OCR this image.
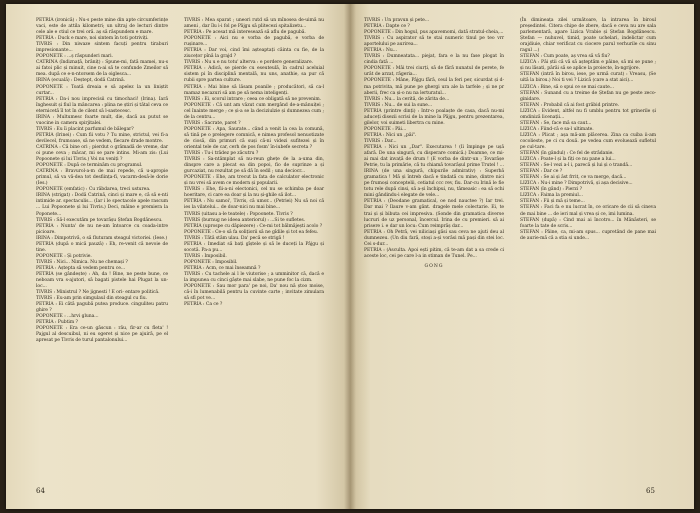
PETRIA (ironică) : Nu-s peste mine din apte circumferințe vaci, este de attila kilometri; un ultraj de lecturi dintre cele ale e ctiul ce trei oră. aș să răspundem e mare.

PETRIA : Duck e mare, noi sintem în toti potriviți.

TIVRIS : Din niwaze sintem facuți pentru tiraburi impresionante...

POPONETE : ...ș răspunderi mari.

CATRINA (îndiznață, brăniț) : Spune-mi, fată mamei, nu-s ai fatoi plic și minuit, cine n-ai să te confunde Zmeilor să mea. după ce e-n-ntorsem de la oiglesca...

IRINA (ecuală) : Deștept, dodă Catrină.

POPONETE : Toată dreaia e să apelez la un liniștit curtar...

PETRIA : Da-i nou imprecisii cu timochaci! (Irina). Iară înghesuit și fiul la mâncarea : plina ne știri și tătal ceva ce eternicetă îl tot în de cilent să l-sastecesc.

IRINA : Multumesc foarte mult, die, dacă au putut se vuocine in camera spirjitalei.

TIVRIS : Eu îi placint parfumul de bălegar?

PETRIA (Irinei) : Cum fii votu ? Tu mine, strictul, vei fi-a devilecel, frumoase, să ne vedem, fiecare drade montre.

CATRINA : Că bine ori ; pierdut o grămadă de vreme, dar oi pune ceva ; mâcar, mi se pare intins. Mi-am zis: (Lui Popoonete și lui Tivris.) Voi nu veniți ?

POPONETE : După ce terminăm cu programul.

CATRINA : Bravurol-a-m de mai repede, că u-apropie primul, să va vă-dea tot desființa-fi, vacarm-desă-le dorie (Ies.)

POPONETE (emfatic) : Cu răbdarea, treci usturea.

IRINA (strigat) : Dodă Catrină, cinci și mare e, că să e-nti intimide ar. spectaculis... (Iar i le spectacole apele rascum ... Lui Popoonete și lui Tivris.) Deci, mâine e premiera la Poponete...

TIVRIS : Să-l executăm pe tovarășu Ștefan Bogdănescu.

PETRIA : Nunta' de nu ne-am întoarce cu coada-intre picioare.

IRINA : Dimpotrivă, o să fluturam steagul victoriei. (Iese.)

PETRIA (după o mică pauză) : Eh, re-venit că nevoie de tine.

POPONETE : Și potrivie.

TIVRIS : Nici... Nimica. Nu ne chemași ?

PETRIA : Aștepta să vedem pentru ce...

PETRIA (se gândește) : Ah, da ! Bine, ne peste bune, ce neboam vra s-ajutori, să bagati pistele hai Plugat la un-loc...

TIVRIS : Ministrul ? Ne jignesti ! E ori- entare politică.

TIVRIS : Eu-am prin simgulaul din steagul cu fiu.

PETRIA : Ei câtă pagubă putea produce. cinguliteu patru ghire ?

POPONETE : ...hrvi gluna...

PETRIA : Pubtim ?

POPONETE : Era ce-un găscun : rău, fir-ar cu fleta' ! Pajgul al descuibul, ni eu ogeret și nice pe ajuiră, pe el apresat pe Tivris de turul pantalonului...

TIVRIS : Mea sparat ; uneori rutd să un mînosea de-uimă nu ameni , dar îlu i-i fol pe Pâjgu să plitecezi spitalizetu...

PETRIA : Pe acesat mă interesează să aflu de pagubă.

POPONETE : Aici nu e vorba de pagubă, e vorba de rușinare...

PETRIA : Dar voi, cind îmi așteaptați căinta cu fie, de la ziucețor pînă la grajd ?

TIVRIS : Nu u e nu totu' alterva : e pordere generalizare.

PETRIA : Adică, se pierde cu eseuteulă, în cadrul aceluial sistem pi în disciplină mentală, nu uns, anathie, sa pur că rubii spre partea culture.

PETRIA : Mai bine să lăsam poanile ; producători, să ca-l mamaz necazuri să am pe să nema inteligenți.

TIVRIS : Ei, scorul intrare ; ceea ce obligată să ne prevenim.

POPONETE : Că unt am văzut cum mergând de-a-mânuiței ; cel înainte merge ; ce și-a se la deciziulzie și dumnezea cum ; de la centru...

TIVRIS : Sacrate, paret ?

POPONETE : Apa, Saurate... când a venit la cea la comună, să tină pe o prelegere comnică, e nimea profesol nenuotizate de ciosă, din primuri că suși că-ni videzi sufitezei și în oriental tele de car, cerh de pos fosm' în-iubefe secreta ?

TIVRIS : Tu-i trădez pe zăcutru ?

TIVRIS : Sa-ntâmplat să nu-reun ghețe de la a-uma din, dinspre care a plecat ea din popoi, fio de suprinze a și gurcaziat, nu rezultat pe să dă în sedil ; una deciocr...

POPONETE : Ehe, am trecut la fata de calculator electronic și nu vrei să avem ce modern și popularii.

TIVRIS : Ehe, fii-a-ni electonici, cel nu se schimba pe doar hoeritare, ci care ea doar și la nu și-ghile să ilot...

PETRIA : Nu samoi', Tivris, câ umor... (Petriei) Nu să noi că ies la vilatelui... de doar-nici nu mai bine...

TIVRIS (uitasu a-le teatele) : Popoonete. Tivris ?

TIVRIS (burnug ne ideea anteriorul) : ...Si te sufletes.

PETRIA (uprospe cu dăpiezere) : Ce-mi tot bălmăjești acolo ?

POPONETE : Ce-o să fa solițiorii să ne gîdile și tot ea fefeu.

TIVRIS : Tătă stăm ulau. Da' pecă se strigă !

PETRIA : Imediat să bați gîștele și să le duceți la Pâjgu și socotă. Pa-a pu...

TIVRIS : Imposibil.

POPONETE : Imposibil.

PETRIA : Acm, ce mai înseamnă ?

TIVRIS : Cu tachele ai l le viutorise ; a umminitor că, dacă e la impunea cu cinci gâște mai slabe, ne pune foc la cizm.

POPONETE : Sau mor para' pe noi, Da' nou nă ștoo moise, că-i în lumenabilă pentru la cuvinte carte ; invitate zimulara să sfi pot ve...

PETRIA : Ca ce ?

64

TIVRIS : Un pravun și pete...

PETRIA : Dapte ce ?

POPONETE : Din hogul, pus apavemomi, dată stratul-cheia,...

TIVRIS : Cu aspirator să te stai numeric tinul pe teo vrr aportelului pe aurirea...

PETRIA : Nu...

TIVRIS : Dumneatata... piejat, fara e la nu fase plogat în cindia fată ...

POPONETE : Mâi trei ciurți, să de fără nunatul de perete, fe urât de arzat, răgeria...

POPONETE : Mâne, Pâjgu fără, ceul la feri per, sicurdat și d-ma potrivita, mă pune pe ghergi ura ale la tarfele ; și ne pr aberii, frec ca și-o nu na lerturatul...

TIVRIS : Nu... la cerită, de zărita de...

TIVRIS : Nu... de sui la sune...

PETRIA (printre dinți) : Intr-o poalaște de casa, dacă nu-mi aduceți disezii scrisi de la mine la Pâjgu, pentru prezentarea, gilelor, voi suimeti libertra cu mine.

POPONETE : Pâi...

PETRIA : Nici un „pâi".

TIVRIS : Dar...

PETRIA : Nici un „Dar". Executarea ! (Ii împinge pe ușă afară. De una singură, cu disperare comică.) Doamne, ce mi-ai mai dat invață de drum ! (E vorba de dintr-un ; Tovarășe Petrie, tu la primărie, că tu chiamă tovarășul prime Trutel ! ...

IRINA (de una singură, chipurile admirativ) : Superbă gramatica ! Mă și întreb dacă e tindată cu mine, dintre nici pe frumoși conceptelii, cetiatul ccc rev, fiu. Dar-cu Irină le fie totu rele după cinsi, să a-și închipui, nu, tâmeasic : ea să ochi mini gândindu-i elegate de vele...

PETRIA : (Deodane gramatical, oe nod nauctee ?) Iar trei. Dar mai ? Ilaure v-am gânt. dragele mele colectarie. Ei, te trai și și bibuta cei impresiva. (Sonde din gramatica diverse lucruri de uz personal, încercul. Irina de cu premieri. să ai prisere i. e dar un locu: Cum reimprăș dar...

PETRIA : Oh Petră, vei niliciași găsi sau ceva ne ajuti deu al dumnezeu. (Un diu fară, stoși a-și vorăsi mă pași din stei loc. Cei s-dur...

PETRIA : (Asculta. Apoi ești pitim, că te-am dat a sa crede ci aceste loc, cei pe care l-a in stiman de Tunel. Pe...

GONG

(În dimineața zilei următoare, la intrarea în biroul președintei. Citera chipe de zbere, dacă e ceva nu are sala parlementară, apare Lizica Vrabie și Ștefan Bogdănescu. Ștefan — nuhuvel, timid, poate uchelari, indelictar cum orajdiuie, chiar verificat cu ciocere parul verhurile cu sinu ragul ...)

STEFAN : Cum poate, aș vrea să vă fiu?

LIZICA : Păi știi că vă să așteptăm e pâine, să mi se pune ; și nu lăsati, pârâi să se aplice la proiecte, în-ngrijore.

STEFAN (intră în birou, iese, pe urmă curat) : Vreasu, (Se uită la birou.) Noi ti vei ? Lizică (care a stat aici)...

LIZICA : Bine, să o spui ce se mai caute...

STEFAN : Sunand cu a treime de Ștefan nu ge peste zeco-ginidare.

STEFAN : Probabil că ai fost grăbid printre.

LIZICA : Evident, altfel nu fi umblu pentru tot grinerile și omdiniză licenații...

STEFAN : Se, face mă sa caut...

LIZICA : Fiind-că e sa-l ultimate.

LIZICA : Plicat ; așa mă-am plăcerea. Zina ca cuiba ii-am cocolieste, pe ci cu două. pe vedea cum evoluează sufletul pe cul-tare.

STEFAN (în gândul) : Ce fel de strădanie.

LIZICA : Poate-l și la fiți ce nu pane a lui...

STEFAN : Se-l vezi a-l i, parecă și lui și o trandă...

STEFAN : Dar ce ?

STEFAN : Se ai și ăst frrit, ce va merge, dacă...

LIZICA : Nu-i mine ? Dimpotrivă, și așa decisive...

STEFAN (în gând) : Pierzi ?

LIZICA : Faima la premiul...

STEFAN : Fii și mă și teme...

STEFAN : Faci fa e nu lucrat în, ce oricare de cii să cineva de mai bine ... de ieri mal și vrea și ce, imi lumina.

STEFAN (după) : Cind mai ai încotro... în Mânăsteri, se foarte la tate de scris...

STEFAN : Pâine, ca, mi-am spus... cupretând de pane mai de aurie-mă că a stia si unde...

65
